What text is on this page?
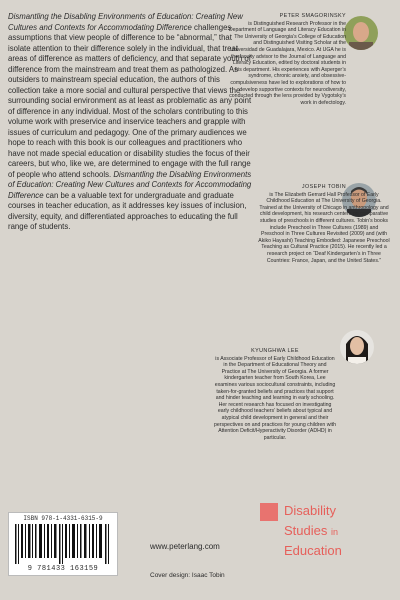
Dismantling the Disabling Environments of Education: Creating New Cultures and Contexts for Accommodating Difference challenges assumptions that view people of difference to be “abnormal,” that isolate attention to their difference solely in the individual, that treat areas of difference as matters of deficiency, and that separate youth of difference from the mainstream and treat them as pathologized. As outsiders to mainstream special education, the authors of this collection take a more social and cultural perspective that views the surrounding social environment as at least as problematic as any point of difference in any individual. Most of the scholars contributing to this volume work with preservice and inservice teachers and grapple with issues of curriculum and pedagogy. One of the primary audiences we hope to reach with this book is our colleagues and practitioners who have not made special education or disability studies the focus of their careers, but who, like we, are determined to engage with the full range of people who attend schools. Dismantling the Disabling Environments of Education: Creating New Cultures and Contexts for Accommodating Difference can be a valuable text for undergraduate and graduate courses in teacher education, as it addresses key issues of inclusion, diversity, equity, and differentiated approaches to educating the full range of students.

PETER SMAGORINSKY
is Distinguished Research Professor in the Department of Language and Literacy Education in The University of Georgia’s College of Education and Distinguished Visiting Scholar at the Universidad de Guadalajara, Mexico. At UGA he is the faculty advisor to the Journal of Language and Literacy Education, edited by doctoral students in his department. His experiences with Asperger’s syndrome, chronic anxiety, and obsessive-compulsiveness have led to explorations of how to develop supportive contexts for neurodiversity, conducted through the lens provided by Vygotsky’s work in defectology.
JOSEPH TOBIN
is The Elizabeth Gerrard Hall Professor of Early Childhood Education at The University of Georgia. Trained at the University of Chicago in anthropology and child development, his research centers on comparative studies of preschools in different cultures. Tobin’s books include Preschool in Three Cultures (1989) and Preschool in Three Cultures Revisited (2009) and (with Akiko Hayashi) Teaching Embodied: Japanese Preschool Teaching as Cultural Practice (2015). He recently led a research project on “Deaf Kindergarten’s in Three Countries: France, Japan, and the United States.”
KYUNGHWA LEE
is Associate Professor of Early Childhood Education in the Department of Educational Theory and Practice at The University of Georgia. A former kindergarten teacher from South Korea, Lee examines various sociocultural constraints, including taken-for-granted beliefs and practices that support and hinder teaching and learning in early schooling. Her recent research has focused on investigating early childhood teachers’ beliefs about typical and atypical child development in general and their perspectives on and practices for young children with Attention Deficit/Hyperactivity Disorder (ADHD) in particular.
ISBN 978-1-4331-6315-9
9 781433 163159
www.peterlang.com
Cover design: Isaac Tobin
Disability
Studies in
Education
